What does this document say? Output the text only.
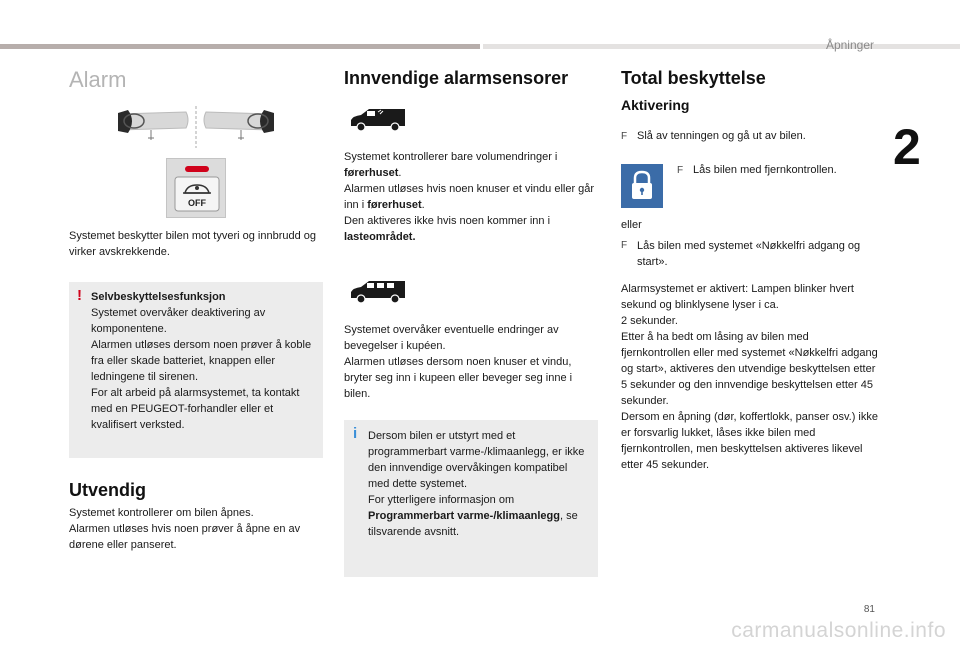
Åpninger
2
81
carmanualsonline.info
Alarm
OFF
Systemet beskytter bilen mot tyveri og innbrudd og virker avskrekkende.
! Selvbeskyttelsesfunksjon
Systemet overvåker deaktivering av komponentene.
Alarmen utløses dersom noen prøver å koble fra eller skade batteriet, knappen eller ledningene til sirenen.
For alt arbeid på alarmsystemet, ta kontakt med en PEUGEOT-forhandler eller et kvalifisert verksted.
Utvendig
Systemet kontrollerer om bilen åpnes.
Alarmen utløses hvis noen prøver å åpne en av dørene eller panseret.
Innvendige alarmsensorer
Systemet kontrollerer bare volumendringer i førerhuset.
Alarmen utløses hvis noen knuser et vindu eller går inn i førerhuset.
Den aktiveres ikke hvis noen kommer inn i lasteområdet.
Systemet overvåker eventuelle endringer av bevegelser i kupéen.
Alarmen utløses dersom noen knuser et vindu, bryter seg inn i kupeen eller beveger seg inne i bilen.
i Dersom bilen er utstyrt med et programmerbart varme-/klimaanlegg, er ikke den innvendige overvåkingen kompatibel med dette systemet.
For ytterligere informasjon om Programmerbart varme-/klimaanlegg, se tilsvarende avsnitt.
Total beskyttelse
Aktivering
F Slå av tenningen og gå ut av bilen.
F Lås bilen med fjernkontrollen.
eller
F Lås bilen med systemet «Nøkkelfri adgang og start».
Alarmsystemet er aktivert: Lampen blinker hvert sekund og blinklysene lyser i ca.
2 sekunder.
Etter å ha bedt om låsing av bilen med fjernkontrollen eller med systemet «Nøkkelfri adgang og start», aktiveres den utvendige beskyttelsen etter 5 sekunder og den innvendige beskyttelsen etter 45 sekunder.
Dersom en åpning (dør, koffertlokk, panser osv.) ikke er forsvarlig lukket, låses ikke bilen med fjernkontrollen, men beskyttelsen aktiveres likevel etter 45 sekunder.
